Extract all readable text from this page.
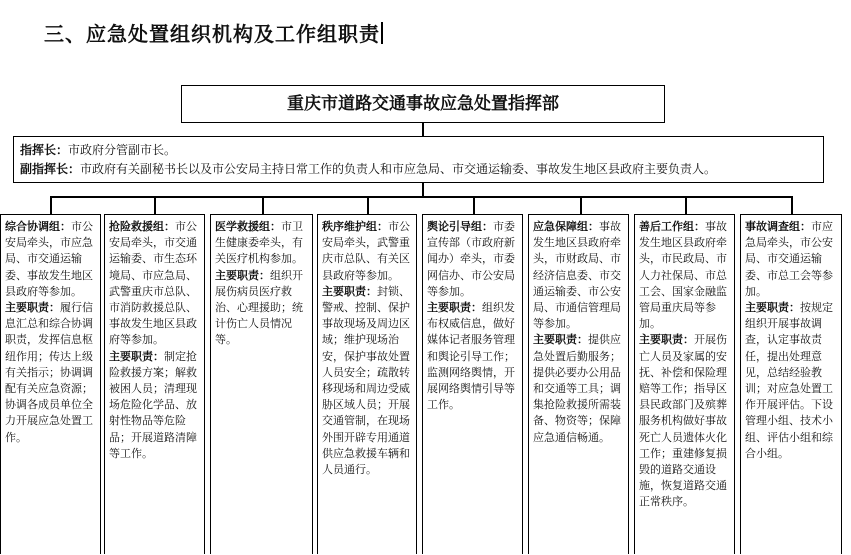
三、应急处置组织机构及工作组职责
重庆市道路交通事故应急处置指挥部
指挥长：市政府分管副市长。
副指挥长：市政府有关副秘书长以及市公安局主持日常工作的负责人和市应急局、市交通运输委、事故发生地区县政府主要负责人。

综合协调组：市公安局牵头，市应急局、市交通运输委、事故发生地区县政府等参加。

主要职责：履行信息汇总和综合协调职责，发挥信息枢纽作用；传达上级有关指示；协调调配有关应急资源；协调各成员单位全力开展应急处置工作。

抢险救援组：市公安局牵头，市交通运输委、市生态环境局、市应急局、武警重庆市总队、市消防救援总队、事故发生地区县政府等参加。

主要职责：制定抢险救援方案；解救被困人员；清理现场危险化学品、放射性物品等危险品；开展道路清障等工作。

医学救援组：市卫生健康委牵头，有关医疗机构参加。

主要职责：组织开展伤病员医疗救治、心理援助；统计伤亡人员情况等。

秩序维护组：市公安局牵头，武警重庆市总队、有关区县政府等参加。

主要职责：封锁、警戒、控制、保护事故现场及周边区域；维护现场治安，保护事故处置人员安全；疏散转移现场和周边受威胁区域人员；开展交通管制，在现场外围开辟专用通道供应急救援车辆和人员通行。

舆论引导组：市委宣传部（市政府新闻办）牵头，市委网信办、市公安局等参加。

主要职责：组织发布权威信息，做好媒体记者服务管理和舆论引导工作；监测网络舆情，开展网络舆情引导等工作。

应急保障组：事故发生地区县政府牵头，市财政局、市经济信息委、市交通运输委、市公安局、市通信管理局等参加。

主要职责：提供应急处置后勤服务；提供必要办公用品和交通等工具；调集抢险救援所需装备、物资等；保障应急通信畅通。

善后工作组：事故发生地区县政府牵头，市民政局、市人力社保局、市总工会、国家金融监管局重庆局等参加。

主要职责：开展伤亡人员及家属的安抚、补偿和保险理赔等工作；指导区县民政部门及殡葬服务机构做好事故死亡人员遗体火化工作；重建修复损毁的道路交通设施，恢复道路交通正常秩序。

事故调查组：市应急局牵头，市公安局、市交通运输委、市总工会等参加。

主要职责：按规定组织开展事故调查，认定事故责任，提出处理意见，总结经验教训；对应急处置工作开展评估。下设管理小组、技术小组、评估小组和综合小组。
